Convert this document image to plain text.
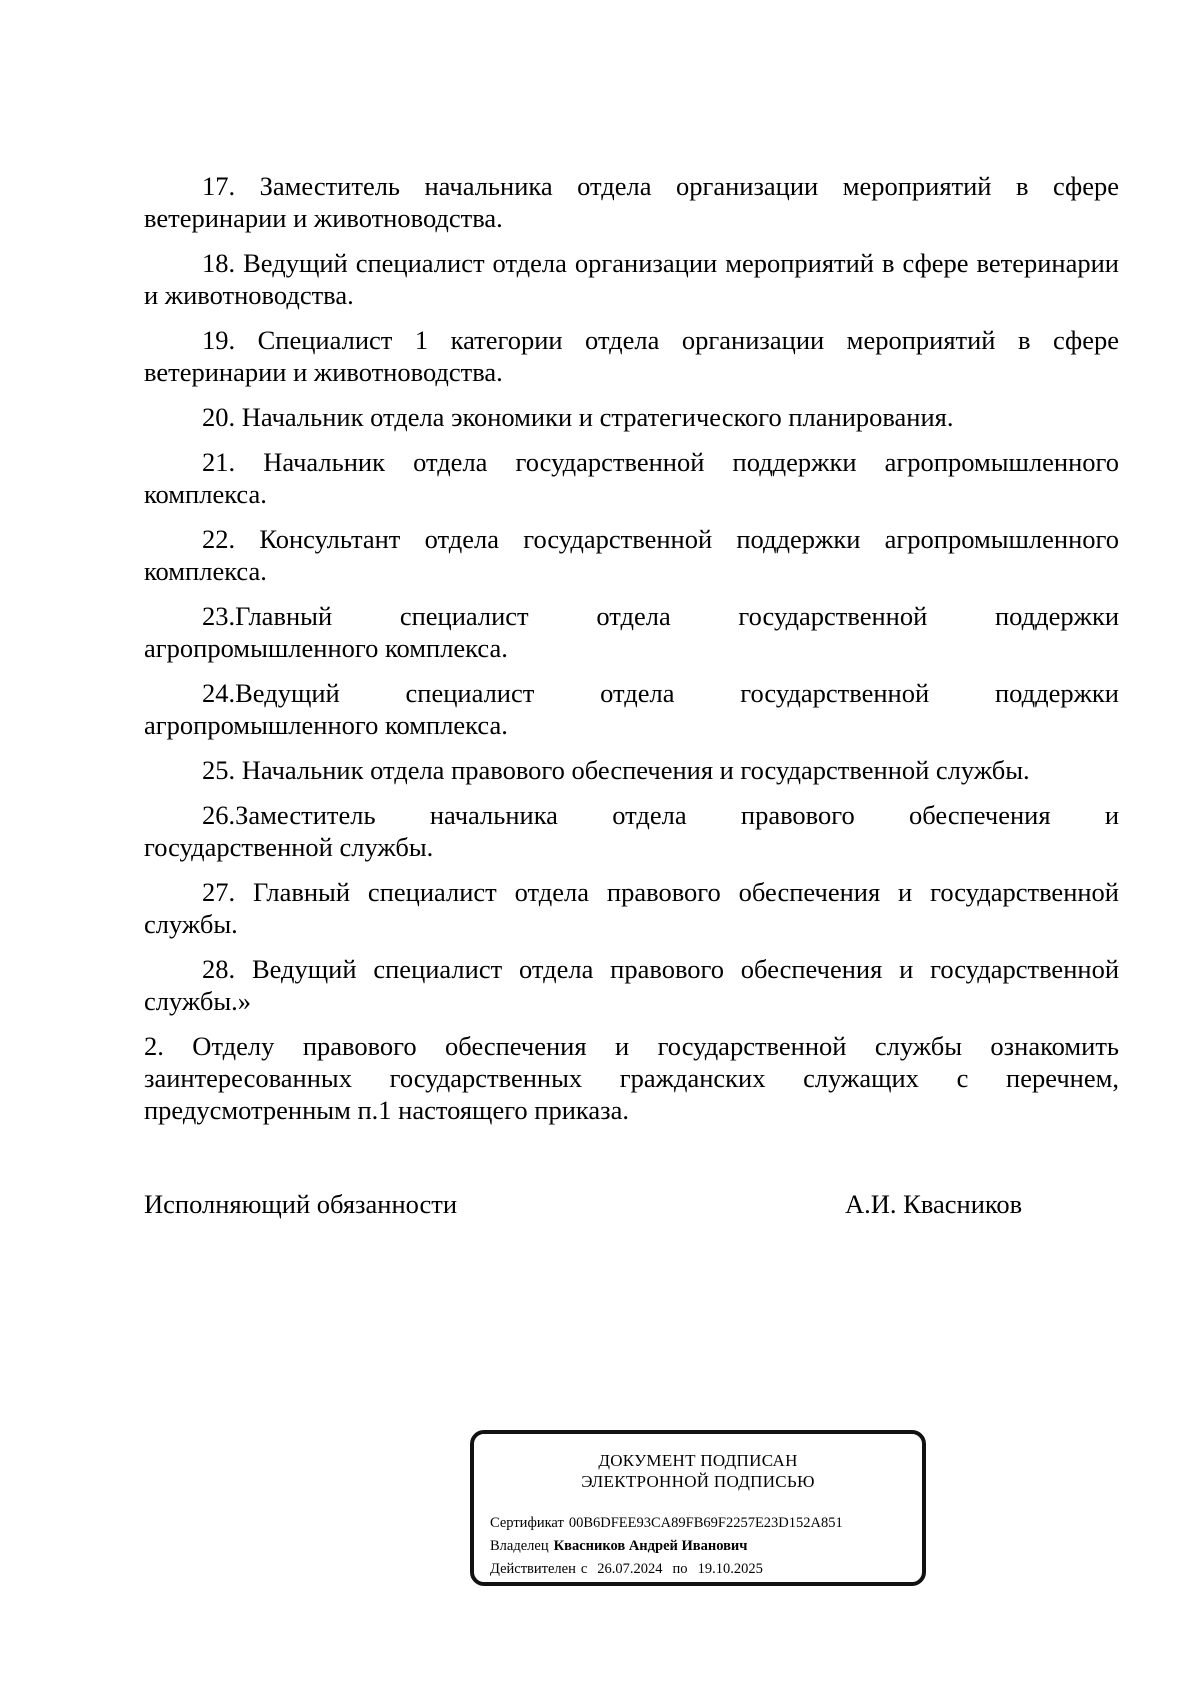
17. Заместитель начальника отдела организации мероприятий в сфере ветеринарии и животноводства.

18. Ведущий специалист отдела организации мероприятий в сфере ветеринарии и животноводства.

19. Специалист 1 категории отдела организации мероприятий в сфере ветеринарии и животноводства.

20. Начальник отдела экономики и стратегического планирования.

21. Начальник отдела государственной поддержки агропромышленного комплекса.

22. Консультант отдела государственной поддержки агропромышленного комплекса.

23.Главный специалист отдела государственной поддержки
агропромышленного комплекса.

24.Ведущий специалист отдела государственной поддержки
агропромышленного комплекса.

25. Начальник отдела правового обеспечения и государственной службы.

26.Заместитель начальника отдела правового обеспечения и
государственной службы.

27. Главный специалист отдела правового обеспечения и государственной службы.

28. Ведущий специалист отдела правового обеспечения и государственной службы.»

2. Отделу правового обеспечения и государственной службы ознакомить заинтересованных государственных гражданских служащих с перечнем, предусмотренным п.1 настоящего приказа.

Исполняющий обязанности	А.И. Квасников
ДОКУМЕНТ ПОДПИСАН
ЭЛЕКТРОННОЙ ПОДПИСЬЮ
Сертификат 00B6DFEE93CA89FB69F2257E23D152A851
Владелец Квасников Андрей Иванович
Действителен с 26.07.2024 по 19.10.2025
